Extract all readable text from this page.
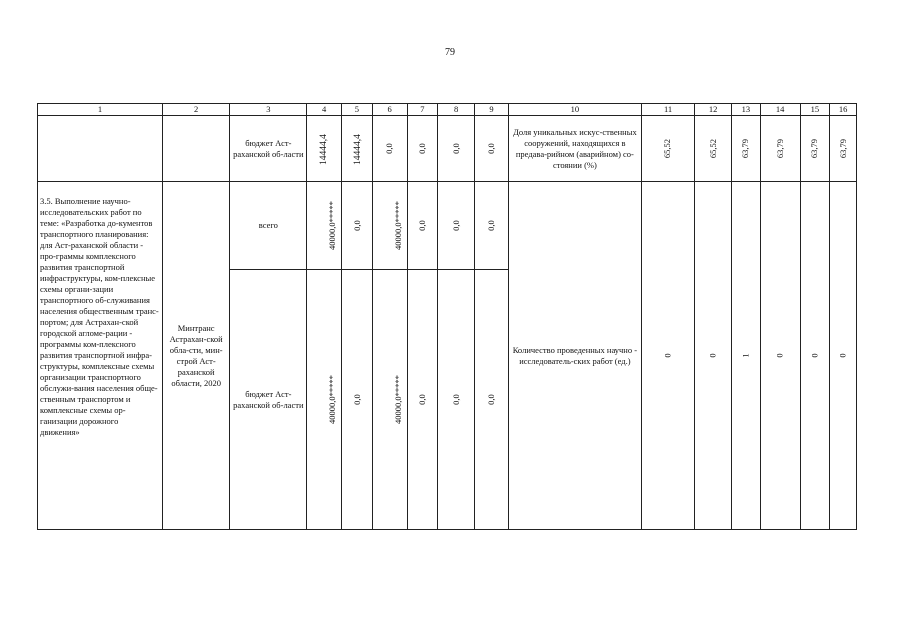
79
1	2	3	4	5	6	7	8	9	10	11	12	13	14	15	16
		бюджет Аст-раханской об-ласти	14444,4	14444,4	0,0	0,0	0,0	0,0	Доля уникальных искус-ственных сооружений, находящихся в предава-рийном (аварийном) со-стоянии (%)	65,52	65,52	63,79	63,79	63,79	63,79
3.5. Выполнение научно-исследовательских работ по теме: «Разработка до-кументов транспортного планирования: для Аст-раханской области - про-граммы комплексного развития транспортной инфраструктуры, ком-плексные схемы органи-зации транспортного об-служивания населения общественным транс-портом; для Астрахан-ской городской агломе-рации - программы ком-плексного развития транспортной инфра-структуры, комплексные схемы организации транспортного обслужи-вания населения обще-ственным транспортом и комплексные схемы ор-ганизации дорожного движения»	Минтранс Астрахан-ской обла-сти, мин-строй Аст-раханской области, 2020	всего	40000,0*****	0,0	40000,0*****	0,0	0,0	0,0	Количество проведенных научно - исследователь-ских работ (ед.)	0	0	1	0	0	0
		бюджет Аст-раханской об-ласти	40000,0*****	0,0	40000,0*****	0,0	0,0	0,0							
